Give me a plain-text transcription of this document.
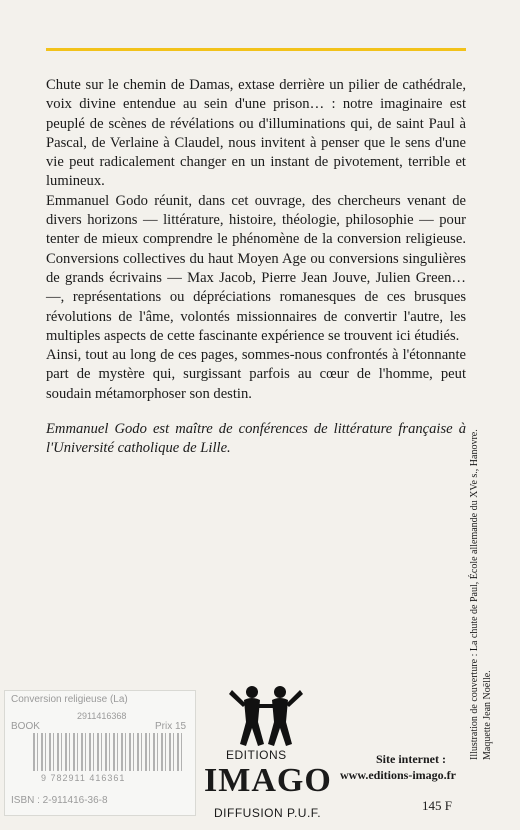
Chute sur le chemin de Damas, extase derrière un pilier de cathédrale, voix divine entendue au sein d'une prison… : notre imaginaire est peuplé de scènes de révélations ou d'illuminations qui, de saint Paul à Pascal, de Verlaine à Claudel, nous invitent à penser que le sens d'une vie peut radicalement changer en un instant de pivotement, terrible et lumineux.

Emmanuel Godo réunit, dans cet ouvrage, des chercheurs venant de divers horizons — littérature, histoire, théologie, philosophie — pour tenter de mieux comprendre le phénomène de la conversion religieuse. Conversions collectives du haut Moyen Age ou conversions singulières de grands écrivains — Max Jacob, Pierre Jean Jouve, Julien Green… —, représentations ou dépréciations romanesques de ces brusques révolutions de l'âme, volontés missionnaires de convertir l'autre, les multiples aspects de cette fascinante expérience se trouvent ici étudiés.

Ainsi, tout au long de ces pages, sommes-nous confrontés à l'étonnante part de mystère qui, surgissant parfois au cœur de l'homme, peut soudain métamorphoser son destin.

Emmanuel Godo est maître de conférences de littérature française à l'Université catholique de Lille.	Illustration de couverture : La chute de Paul, École allemande du XVe s., Hanovre. Maquette Jean Noëlle.
Conversion religieuse (La)
2911416368
BOOK	Prix 15
9 782911 416361
ISBN : 2-911416-36-8
EDITIONS
IMAGO
DIFFUSION P.U.F.
Site internet :
www.editions-imago.fr
145 F
